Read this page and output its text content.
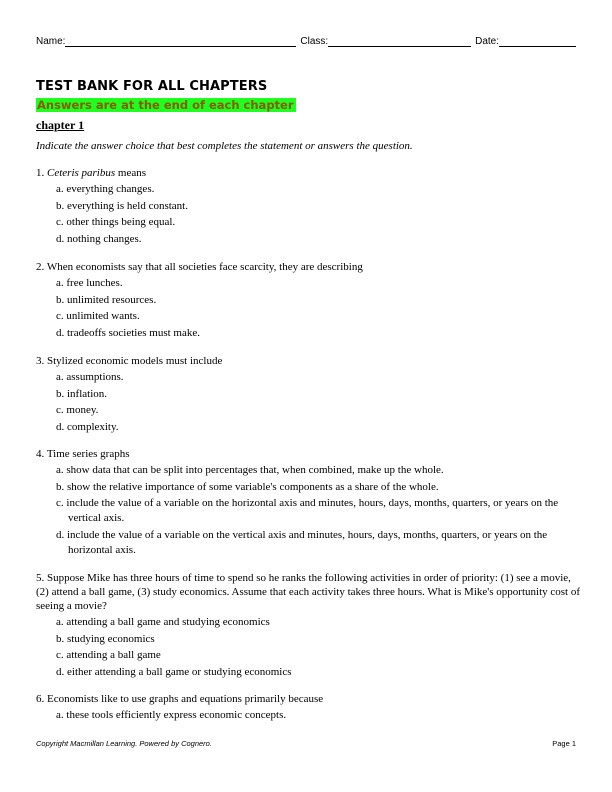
Name:	Class:	Date:
TEST BANK FOR ALL CHAPTERS
Answers are at the end of each chapter
chapter 1
Indicate the answer choice that best completes the statement or answers the question.

1. Ceteris paribus means

a. everything changes.

b. everything is held constant.

c. other things being equal.

d. nothing changes.

2. When economists say that all societies face scarcity, they are describing

a. free lunches.

b. unlimited resources.

c. unlimited wants.

d. tradeoffs societies must make.

3. Stylized economic models must include

a. assumptions.

b. inflation.

c. money.

d. complexity.

4. Time series graphs

a. show data that can be split into percentages that, when combined, make up the whole.

b. show the relative importance of some variable's components as a share of the whole.

c. include the value of a variable on the horizontal axis and minutes, hours, days, months, quarters, or years on the vertical axis.

d. include the value of a variable on the vertical axis and minutes, hours, days, months, quarters, or years on the horizontal axis.

5. Suppose Mike has three hours of time to spend so he ranks the following activities in order of priority: (1) see a movie, (2) attend a ball game, (3) study economics. Assume that each activity takes three hours. What is Mike's opportunity cost of seeing a movie?

a. attending a ball game and studying economics

b. studying economics

c. attending a ball game

d. either attending a ball game or studying economics

6. Economists like to use graphs and equations primarily because

a. these tools efficiently express economic concepts.

Copyright Macmillan Learning. Powered by Cognero.	Page 1
